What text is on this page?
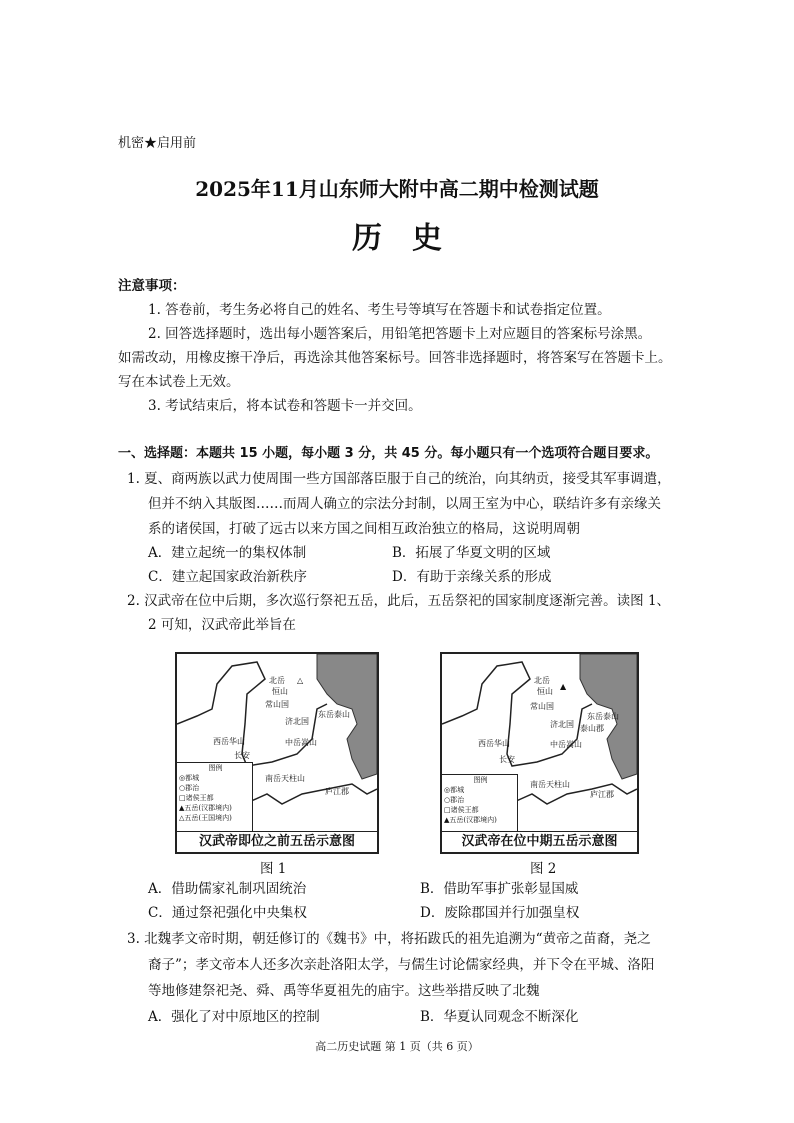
机密★启用前
2025年11月山东师大附中高二期中检测试题
历　史
注意事项：
1. 答卷前，考生务必将自己的姓名、考生号等填写在答题卡和试卷指定位置。
2. 回答选择题时，选出每小题答案后，用铅笔把答题卡上对应题目的答案标号涂黑。
如需改动，用橡皮擦干净后，再选涂其他答案标号。回答非选择题时，将答案写在答题卡上。
写在本试卷上无效。
3. 考试结束后，将本试卷和答题卡一并交回。
一、选择题：本题共 15 小题，每小题 3 分，共 45 分。每小题只有一个选项符合题目要求。
1. 夏、商两族以武力使周围一些方国部落臣服于自己的统治，向其纳贡，接受其军事调遣，
但并不纳入其版图……而周人确立的宗法分封制，以周王室为中心，联结许多有亲缘关
系的诸侯国，打破了远古以来方国之间相互政治独立的格局，这说明周朝
A．建立起统一的集权体制	B．拓展了华夏文明的区域
C．建立起国家政治新秩序	D．有助于亲缘关系的形成
2. 汉武帝在位中后期，多次巡行祭祀五岳，此后，五岳祭祀的国家制度逐渐完善。读图 1、
2 可知，汉武帝此举旨在
北岳 △
恒山
常山国
济北国
东岳泰山
西岳华山
长安
中岳嵩山
南岳天柱山
庐江郡
图例
◎都城
○郡治
□诸侯王都
▲五岳(汉郡境内)
△五岳(王国境内)
汉武帝即位之前五岳示意图
北岳
▲
恒山
常山国
济北国
东岳泰山
泰山郡
西岳华山
长安
中岳嵩山
南岳天柱山
庐江郡
图例
◎都城
○郡治
□诸侯王都
▲五岳(汉郡境内)
汉武帝在位中期五岳示意图
图 1	图 2
A．借助儒家礼制巩固统治	B．借助军事扩张彰显国威
C．通过祭祀强化中央集权	D．废除郡国并行加强皇权
3. 北魏孝文帝时期，朝廷修订的《魏书》中，将拓跋氏的祖先追溯为“黄帝之苗裔，尧之
裔子”；孝文帝本人还多次亲赴洛阳太学，与儒生讨论儒家经典，并下令在平城、洛阳
等地修建祭祀尧、舜、禹等华夏祖先的庙宇。这些举措反映了北魏
A．强化了对中原地区的控制	B．华夏认同观念不断深化
高二历史试题 第 1 页（共 6 页）
